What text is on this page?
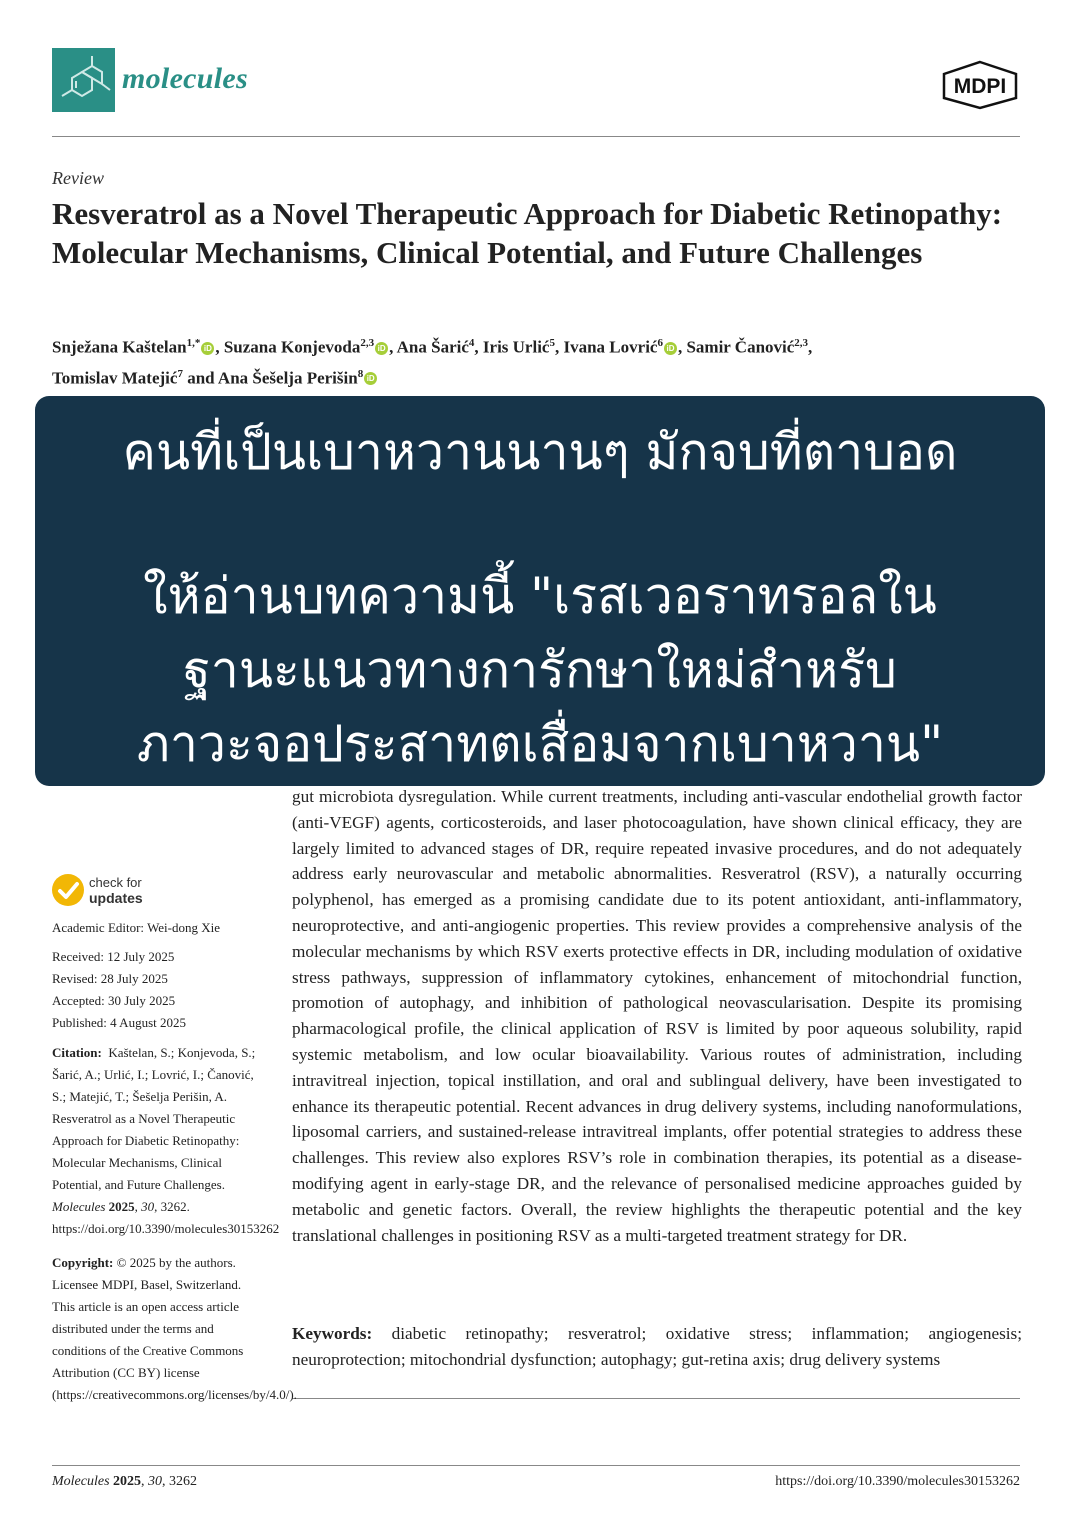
molecules	MDPI
Review
Resveratrol as a Novel Therapeutic Approach for Diabetic Retinopathy: Molecular Mechanisms, Clinical Potential, and Future Challenges
Snježana Kaštelan$^{1,*}$ iD , Suzana Konjevoda$^{2,3}$ iD , Ana Šarić$^4$, Iris Urlić$^5$, Ivana Lovrić$^6$ iD , Samir Čanović$^{2,3}$,
Tomislav Matejić$^7$ and Ana Šešelja Perišin$^8$ iD
คนที่เป็นเบาหวานนานๆ มักจบที่ตาบอด
ให้อ่านบทความนี้ "เรสเวอราทรอลใน
ฐานะแนวทางการักษาใหม่สำหรับ
ภาวะจอประสาทตเสื่อมจากเบาหวาน"
gut microbiota dysregulation. While current treatments, including anti-vascular endothelial growth factor (anti-VEGF) agents, corticosteroids, and laser photocoagulation, have shown clinical efficacy, they are largely limited to advanced stages of DR, require repeated invasive procedures, and do not adequately address early neurovascular and metabolic abnormalities. Resveratrol (RSV), a naturally occurring polyphenol, has emerged as a promising candidate due to its potent antioxidant, anti-inflammatory, neuroprotective, and anti-angiogenic properties. This review provides a comprehensive analysis of the molecular mechanisms by which RSV exerts protective effects in DR, including modulation of oxidative stress pathways, suppression of inflammatory cytokines, enhancement of mitochondrial function, promotion of autophagy, and inhibition of pathological neovascularisation. Despite its promising pharmacological profile, the clinical application of RSV is limited by poor aqueous solubility, rapid systemic metabolism, and low ocular bioavailability. Various routes of administration, including intravitreal injection, topical instillation, and oral and sublingual delivery, have been investigated to enhance its therapeutic potential. Recent advances in drug delivery systems, including nanoformulations, liposomal carriers, and sustained-release intravitreal implants, offer potential strategies to address these challenges. This review also explores RSV’s role in combination therapies, its potential as a disease-modifying agent in early-stage DR, and the relevance of personalised medicine approaches guided by metabolic and genetic factors. Overall, the review highlights the therapeutic potential and the key translational challenges in positioning RSV as a multi-targeted treatment strategy for DR.
Keywords: diabetic retinopathy; resveratrol; oxidative stress; inflammation; angiogenesis; neuroprotection; mitochondrial dysfunction; autophagy; gut-retina axis; drug delivery systems
check for
updates
Academic Editor: Wei-dong Xie
Received: 12 July 2025
Revised: 28 July 2025
Accepted: 30 July 2025
Published: 4 August 2025
Citation: Kaštelan, S.; Konjevoda, S.; Šarić, A.; Urlić, I.; Lovrić, I.; Čanović, S.; Matejić, T.; Šešelja Perišin, A. Resveratrol as a Novel Therapeutic Approach for Diabetic Retinopathy: Molecular Mechanisms, Clinical Potential, and Future Challenges. Molecules 2025, 30, 3262. https://doi.org/10.3390/molecules30153262
Copyright: © 2025 by the authors. Licensee MDPI, Basel, Switzerland. This article is an open access article distributed under the terms and conditions of the Creative Commons Attribution (CC BY) license (https://creativecommons.org/licenses/by/4.0/).
Molecules 2025, 30, 3262	https://doi.org/10.3390/molecules30153262
